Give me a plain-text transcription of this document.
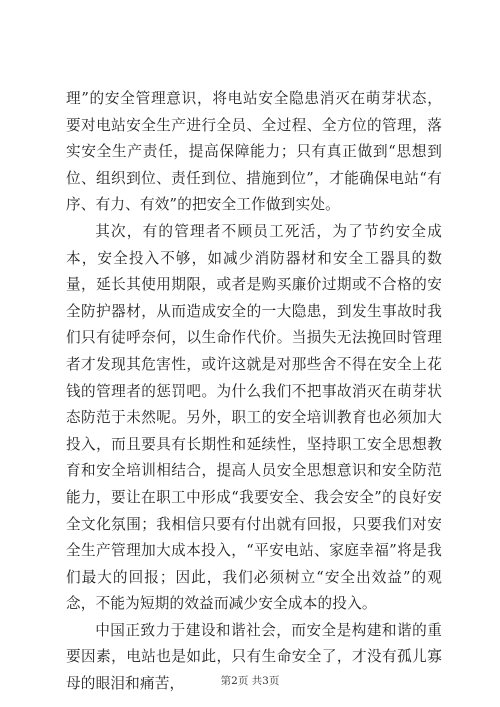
理”的安全管理意识，将电站安全隐患消灭在萌芽状态，要对电站安全生产进行全员、全过程、全方位的管理，落实安全生产责任，提高保障能力；只有真正做到“思想到位、组织到位、责任到位、措施到位”，才能确保电站“有序、有力、有效”的把安全工作做到实处。

其次，有的管理者不顾员工死活，为了节约安全成本，安全投入不够，如减少消防器材和安全工器具的数量，延长其使用期限，或者是购买廉价过期或不合格的安全防护器材，从而造成安全的一大隐患，到发生事故时我们只有徒呼奈何，以生命作代价。当损失无法挽回时管理者才发现其危害性，或许这就是对那些舍不得在安全上花钱的管理者的惩罚吧。为什么我们不把事故消灭在萌芽状态防范于未然呢。另外，职工的安全培训教育也必须加大投入，而且要具有长期性和延续性，坚持职工安全思想教育和安全培训相结合，提高人员安全思想意识和安全防范能力，要让在职工中形成“我要安全、我会安全”的良好安全文化氛围；我相信只要有付出就有回报，只要我们对安全生产管理加大成本投入，“平安电站、家庭幸福”将是我们最大的回报；因此，我们必须树立“安全出效益”的观念，不能为短期的效益而减少安全成本的投入。

中国正致力于建设和谐社会，而安全是构建和谐的重要因素，电站也是如此，只有生命安全了，才没有孤儿寡母的眼泪和痛苦，	第2页 共3页
